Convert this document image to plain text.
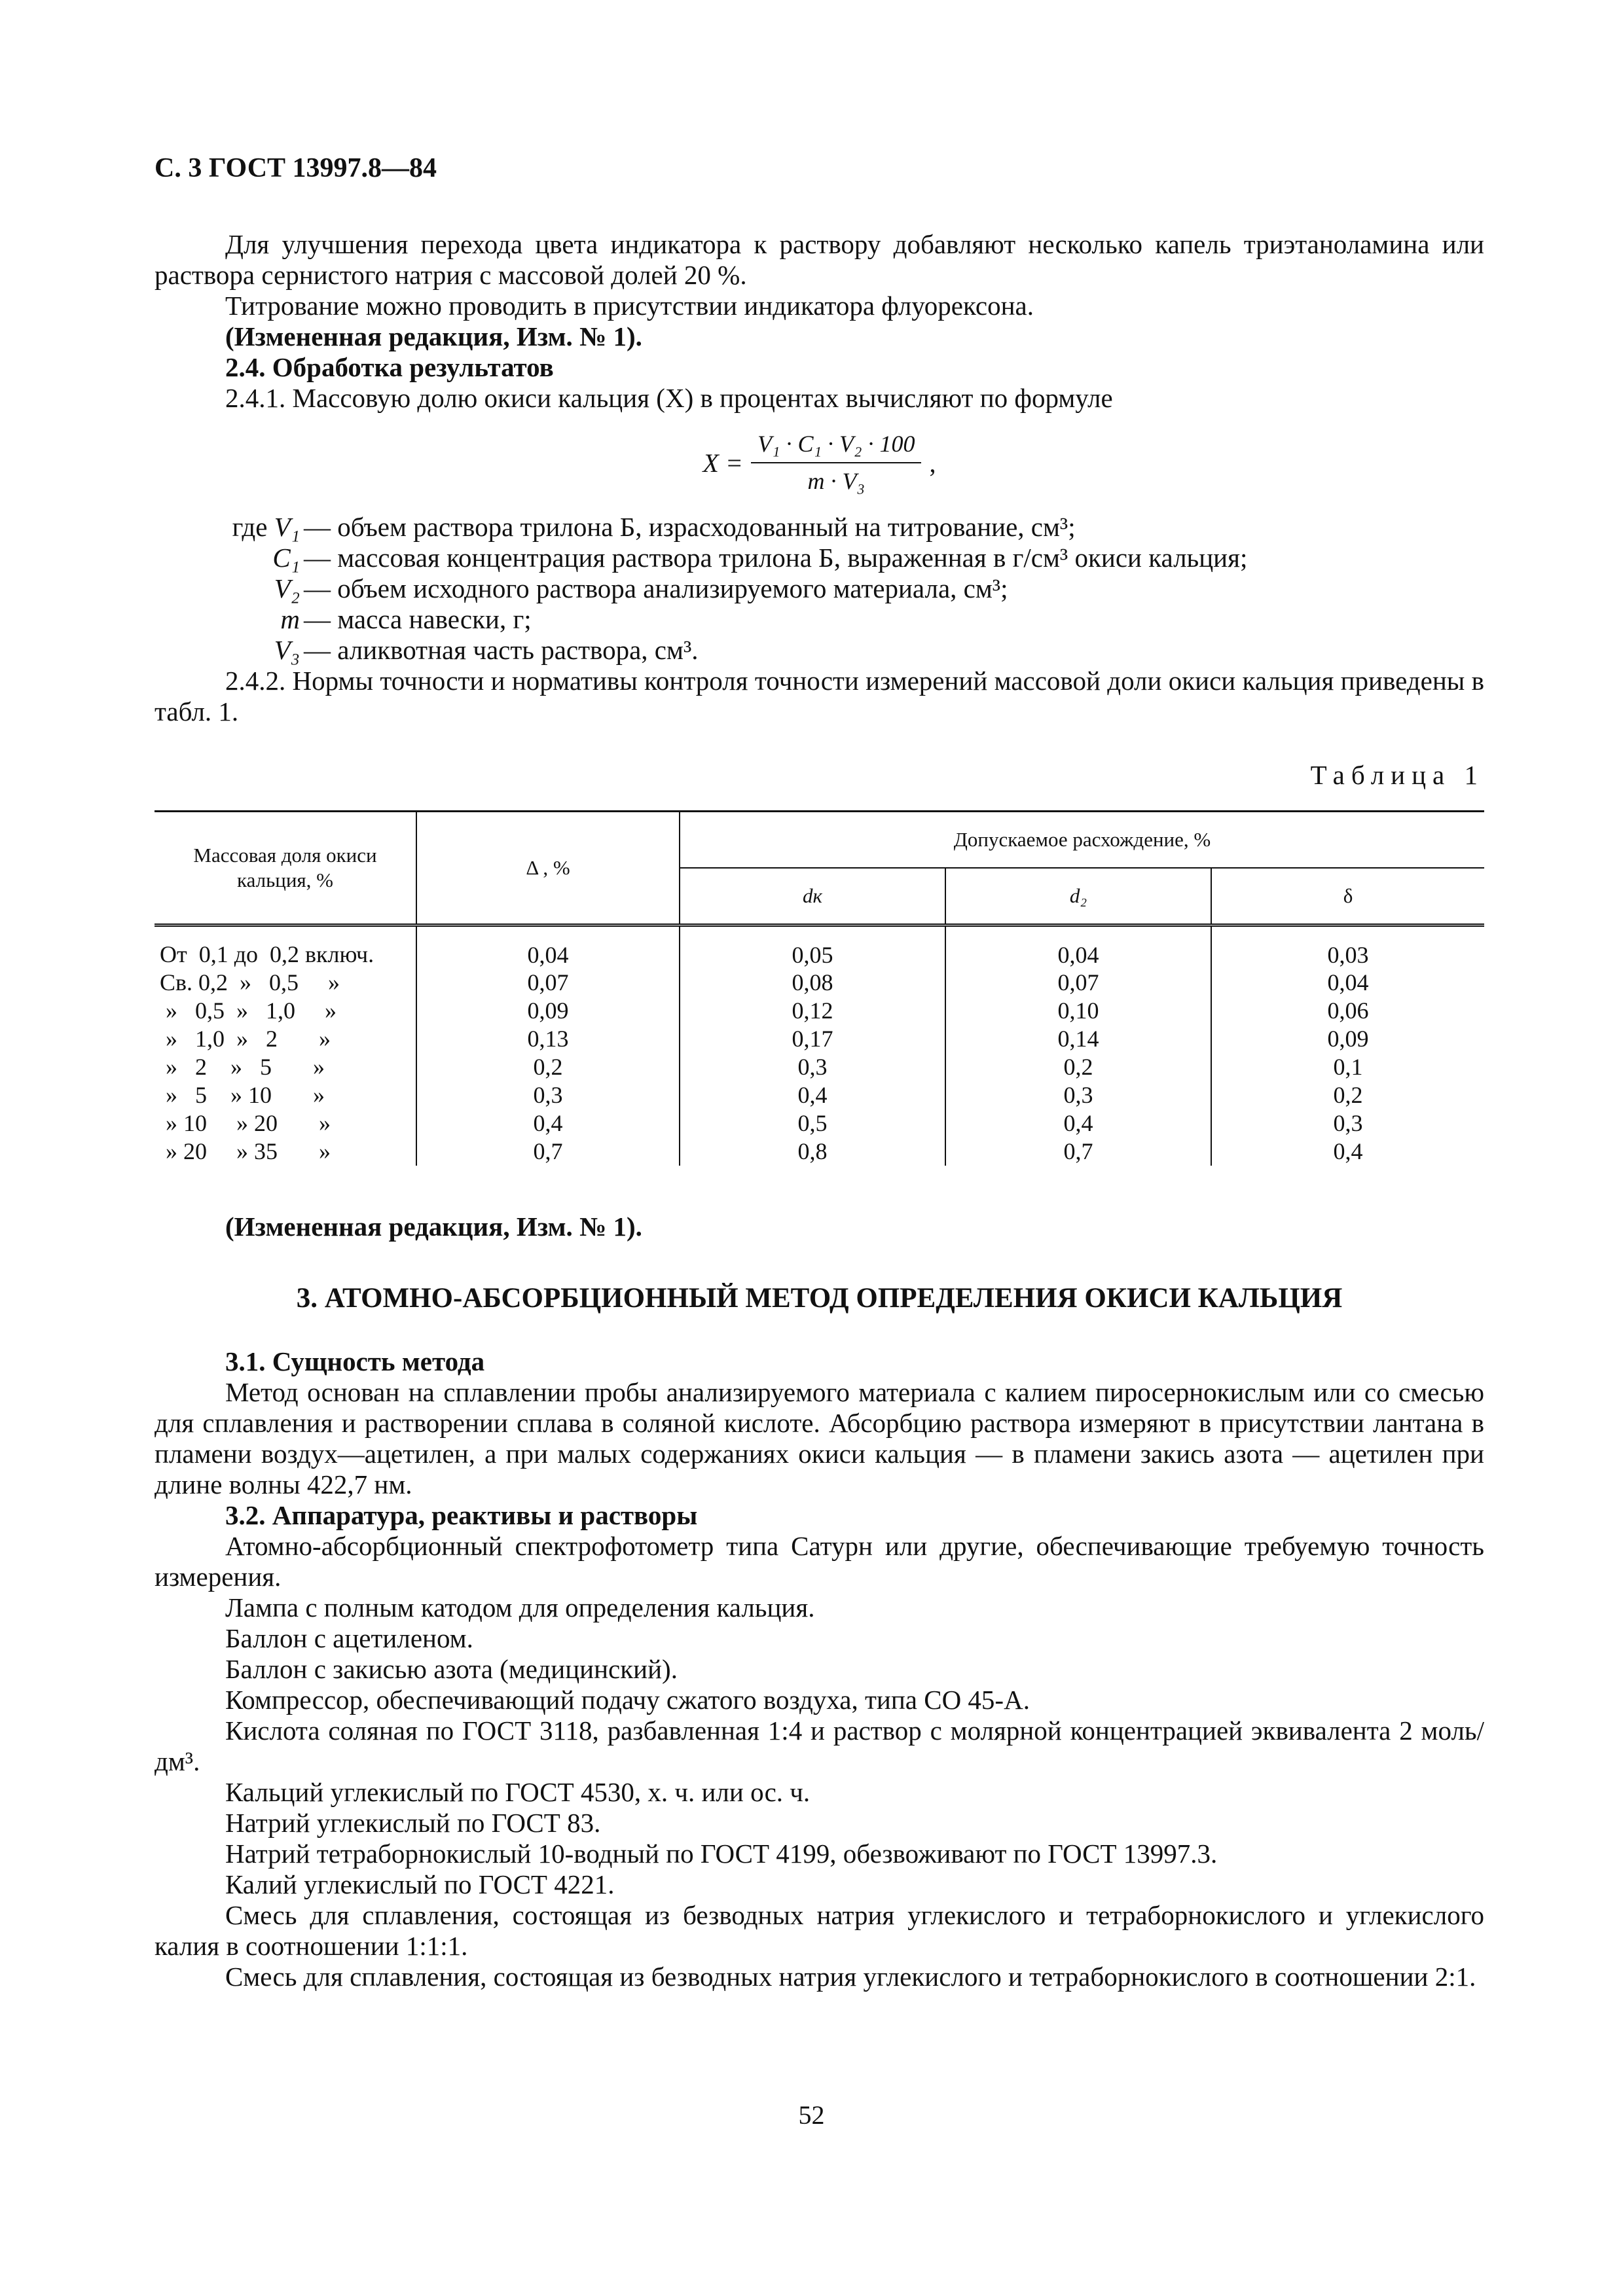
С. 3 ГОСТ 13997.8—84

Для улучшения перехода цвета индикатора к раствору добавляют несколько капель триэтаноламина или раствора сернистого натрия с массовой долей 20 %.

Титрование можно проводить в присутствии индикатора флуорексона.

(Измененная редакция, Изм. № 1).

2.4. Обработка результатов

2.4.1. Массовую долю окиси кальция (X) в процентах вычисляют по формуле

$X = \frac{\text{V₁ · C₁ · V₂ · 100}}{\text{m · V₃}}$ ,
где V₁ — объем раствора трилона Б, израсходованный на титрование, см³;
C₁ — массовая концентрация раствора трилона Б, выраженная в г/см³ окиси кальция;
V₂ — объем исходного раствора анализируемого материала, см³;
m — масса навески, г;
V₃ — аликвотная часть раствора, см³.

2.4.2. Нормы точности и нормативы контроля точности измерений массовой доли окиси кальция приведены в табл. 1.

Таблица 1
Массовая доля окиси кальция, %	Δ , %	Допускаемое расхождение, %		
		dк	d₂	δ
От  0,1 до  0,2 включ.	0,04	0,05	0,04	0,03
Св. 0,2  »   0,5     »	0,07	0,08	0,07	0,04
»   0,5  »   1,0     »	0,09	0,12	0,10	0,06
»   1,0  »   2       »	0,13	0,17	0,14	0,09
»   2    »   5       »	0,2	0,3	0,2	0,1
»   5    » 10       »	0,3	0,4	0,3	0,2
» 10     » 20       »	0,4	0,5	0,4	0,3
» 20     » 35       »	0,7	0,8	0,7	0,4

(Измененная редакция, Изм. № 1).

3. АТОМНО-АБСОРБЦИОННЫЙ МЕТОД ОПРЕДЕЛЕНИЯ ОКИСИ КАЛЬЦИЯ

3.1. Сущность метода

Метод основан на сплавлении пробы анализируемого материала с калием пиросернокислым или со смесью для сплавления и растворении сплава в соляной кислоте. Абсорбцию раствора измеряют в присутствии лантана в пламени воздух—ацетилен, а при малых содержаниях окиси кальция — в пламени закись азота — ацетилен при длине волны 422,7 нм.

3.2. Аппаратура, реактивы и растворы

Атомно-абсорбционный спектрофотометр типа Сатурн или другие, обеспечивающие требуемую точность измерения.

Лампа с полным катодом для определения кальция.

Баллон с ацетиленом.

Баллон с закисью азота (медицинский).

Компрессор, обеспечивающий подачу сжатого воздуха, типа СО 45-А.

Кислота соляная по ГОСТ 3118, разбавленная 1:4 и раствор с молярной концентрацией эквивалента 2 моль/дм³.

Кальций углекислый по ГОСТ 4530, х. ч. или ос. ч.

Натрий углекислый по ГОСТ 83.

Натрий тетраборнокислый 10-водный по ГОСТ 4199, обезвоживают по ГОСТ 13997.3.

Калий углекислый по ГОСТ 4221.

Смесь для сплавления, состоящая из безводных натрия углекислого и тетраборнокислого и углекислого калия в соотношении 1:1:1.

Смесь для сплавления, состоящая из безводных натрия углекислого и тетраборнокислого в соотношении 2:1.

52
